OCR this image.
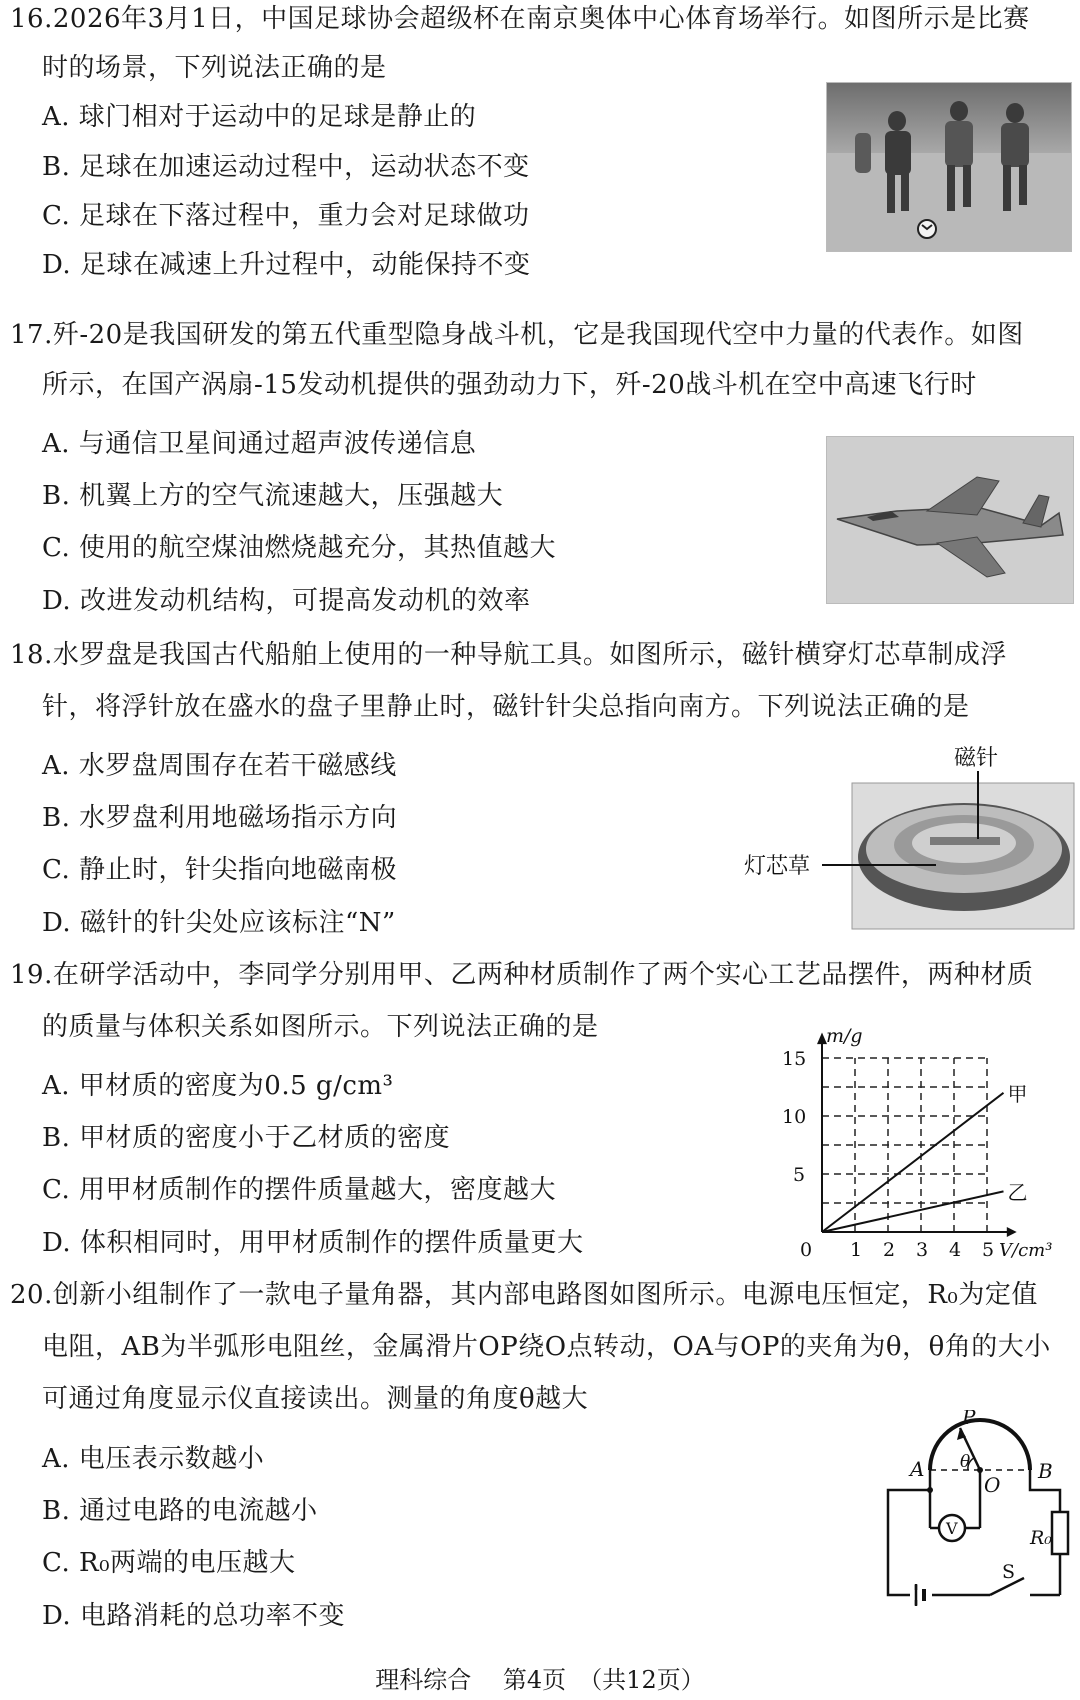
16.2026年3月1日，中国足球协会超级杯在南京奥体中心体育场举行。如图所示是比赛
时的场景，下列说法正确的是
A. 球门相对于运动中的足球是静止的
B. 足球在加速运动过程中，运动状态不变
C. 足球在下落过程中，重力会对足球做功
D. 足球在减速上升过程中，动能保持不变
17.歼-20是我国研发的第五代重型隐身战斗机，它是我国现代空中力量的代表作。如图
所示，在国产涡扇-15发动机提供的强劲动力下，歼-20战斗机在空中高速飞行时
A. 与通信卫星间通过超声波传递信息
B. 机翼上方的空气流速越大，压强越大
C. 使用的航空煤油燃烧越充分，其热值越大
D. 改进发动机结构，可提高发动机的效率
18.水罗盘是我国古代船舶上使用的一种导航工具。如图所示，磁针横穿灯芯草制成浮
针，将浮针放在盛水的盘子里静止时，磁针针尖总指向南方。下列说法正确的是
A. 水罗盘周围存在若干磁感线
B. 水罗盘利用地磁场指示方向
C. 静止时，针尖指向地磁南极
D. 磁针的针尖处应该标注“N”
磁针
灯芯草
19.在研学活动中，李同学分别用甲、乙两种材质制作了两个实心工艺品摆件，两种材质
的质量与体积关系如图所示。下列说法正确的是
A. 甲材质的密度为0.5 g/cm³
B. 甲材质的密度小于乙材质的密度
C. 用甲材质制作的摆件质量越大，密度越大
D. 体积相同时，用甲材质制作的摆件质量更大
甲
乙
1 2 3 4 5
5
10
15
0
m/g
V/cm³
20.创新小组制作了一款电子量角器，其内部电路图如图所示。电源电压恒定，R₀为定值
电阻，AB为半弧形电阻丝，金属滑片OP绕O点转动，OA与OP的夹角为θ，θ角的大小
可通过角度显示仪直接读出。测量的角度θ越大
A. 电压表示数越小
B. 通过电路的电流越小
C. R₀两端的电压越大
D. 电路消耗的总功率不变
V
A	B
P
O
θ
R₀
S
理科综合 第4页 （共12页）
